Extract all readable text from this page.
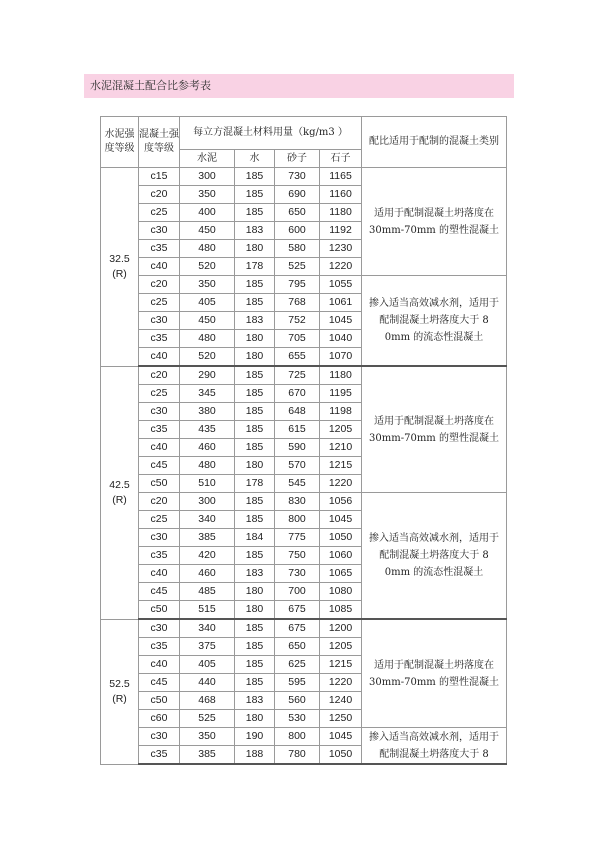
水泥混凝土配合比参考表
水泥强度等级	混凝土强度等级	每立方混凝土材料用量（kg/m3 ）				配比适用于配制的混凝土类别
		水泥	水	砂子	石子	
32.5
(R)	c15	300	185	730	1165	适用于配制混凝土坍落度在30mm-70mm 的塑性混凝土
	c20	350	185	690	1160	
	c25	400	185	650	1180	
	c30	450	183	600	1192	
	c35	480	180	580	1230	
	c40	520	178	525	1220	
	c20	350	185	795	1055	掺入适当高效减水剂，适用于配制混凝土坍落度大于 8 0mm 的流态性混凝土
	c25	405	185	768	1061	
	c30	450	183	752	1045	
	c35	480	180	705	1040	
	c40	520	180	655	1070	
42.5
(R)	c20	290	185	725	1180	适用于配制混凝土坍落度在30mm-70mm 的塑性混凝土
	c25	345	185	670	1195	
	c30	380	185	648	1198	
	c35	435	185	615	1205	
	c40	460	185	590	1210	
	c45	480	180	570	1215	
	c50	510	178	545	1220	
	c20	300	185	830	1056	掺入适当高效减水剂，适用于配制混凝土坍落度大于 8 0mm 的流态性混凝土
	c25	340	185	800	1045	
	c30	385	184	775	1050	
	c35	420	185	750	1060	
	c40	460	183	730	1065	
	c45	485	180	700	1080	
	c50	515	180	675	1085	
52.5
(R)	c30	340	185	675	1200	适用于配制混凝土坍落度在30mm-70mm 的塑性混凝土
	c35	375	185	650	1205	
	c40	405	185	625	1215	
	c45	440	185	595	1220	
	c50	468	183	560	1240	
	c60	525	180	530	1250	
	c30	350	190	800	1045	掺入适当高效减水剂，适用于配制混凝土坍落度大于 8
	c35	385	188	780	1050	
